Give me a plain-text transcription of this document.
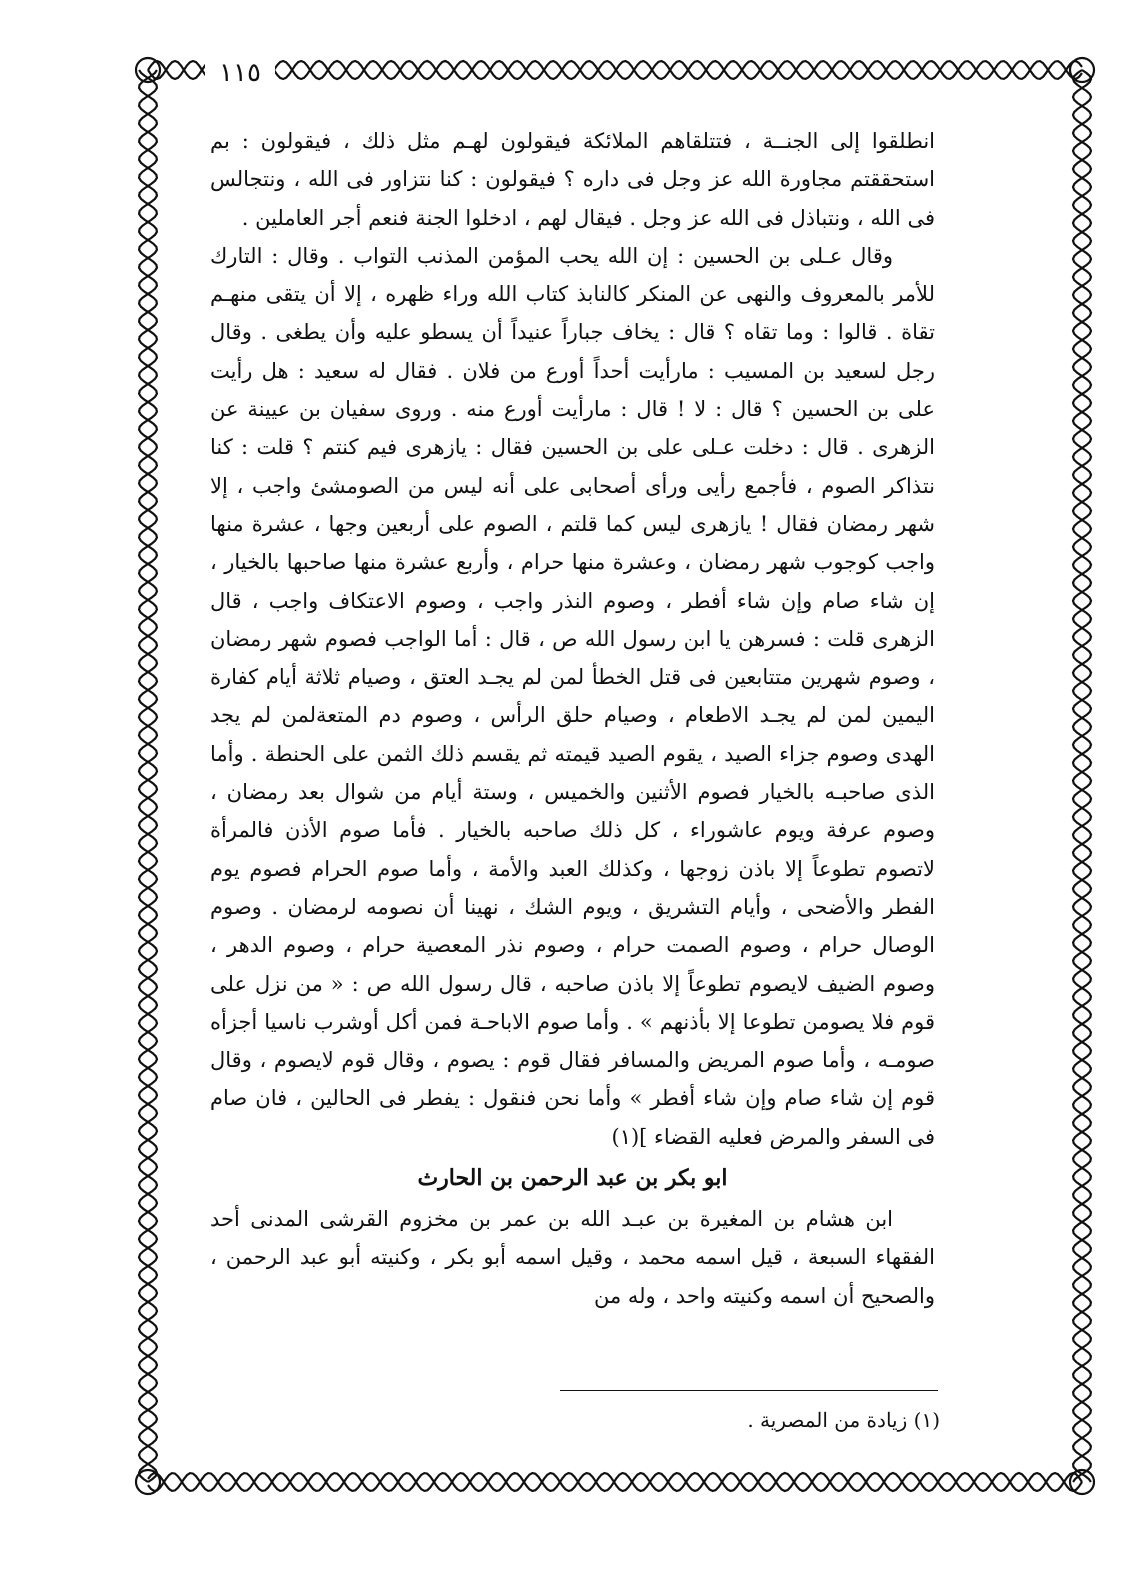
١١٥

انطلقوا إلى الجنــة ، فتتلقاهم الملائكة فيقولون لهـم مثل ذلك ، فيقولون : بم استحققتم مجاورة الله عز وجل فى داره ؟ فيقولون : كنا نتزاور فى الله ، ونتجالس فى الله ، ونتباذل فى الله عز وجل . فيقال لهم ، ادخلوا الجنة فنعم أجر العاملين .

وقال عـلى بن الحسين : إن الله يحب المؤمن المذنب التواب . وقال : التارك للأمر بالمعروف والنهى عن المنكر كالنابذ كتاب الله وراء ظهره ، إلا أن يتقى منهـم تقاة . قالوا : وما تقاه ؟ قال : يخاف جباراً عنيداً أن يسطو عليه وأن يطغى . وقال رجل لسعيد بن المسيب : مارأيت أحداً أورع من فلان . فقال له سعيد : هل رأيت على بن الحسين ؟ قال : لا ! قال : مارأيت أورع منه . وروى سفيان بن عيينة عن الزهرى . قال : دخلت عـلى على بن الحسين فقال : يازهرى فيم كنتم ؟ قلت : كنا نتذاكر الصوم ، فأجمع رأيى ورأى أصحابى على أنه ليس من الصومشئ واجب ، إلا شهر رمضان فقال ! يازهرى ليس كما قلتم ، الصوم على أربعين وجها ، عشرة منها واجب كوجوب شهر رمضان ، وعشرة منها حرام ، وأربع عشرة منها صاحبها بالخيار ، إن شاء صام وإن شاء أفطر ، وصوم النذر واجب ، وصوم الاعتكاف واجب ، قال الزهرى قلت : فسرهن يا ابن رسول الله ص ، قال : أما الواجب فصوم شهر رمضان ، وصوم شهرين متتابعين فى قتل الخطأ لمن لم يجـد العتق ، وصيام ثلاثة أيام كفارة اليمين لمن لم يجـد الاطعام ، وصيام حلق الرأس ، وصوم دم المتعةلمن لم يجد الهدى وصوم جزاء الصيد ، يقوم الصيد قيمته ثم يقسم ذلك الثمن على الحنطة . وأما الذى صاحبـه بالخيار فصوم الأثنين والخميس ، وستة أيام من شوال بعد رمضان ، وصوم عرفة ويوم عاشوراء ، كل ذلك صاحبه بالخيار . فأما صوم الأذن فالمرأة لاتصوم تطوعاً إلا باذن زوجها ، وكذلك العبد والأمة ، وأما صوم الحرام فصوم يوم الفطر والأضحى ، وأيام التشريق ، ويوم الشك ، نهينا أن نصومه لرمضان . وصوم الوصال حرام ، وصوم الصمت حرام ، وصوم نذر المعصية حرام ، وصوم الدهر ، وصوم الضيف لايصوم تطوعاً إلا باذن صاحبه ، قال رسول الله ص : « من نزل على قوم فلا يصومن تطوعا إلا بأذنهم » . وأما صوم الاباحـة فمن أكل أوشرب ناسيا أجزأه صومـه ، وأما صوم المريض والمسافر فقال قوم : يصوم ، وقال قوم لايصوم ، وقال قوم إن شاء صام وإن شاء أفطر » وأما نحن فنقول : يفطر فى الحالين ، فان صام فى السفر والمرض فعليه القضاء ](١)

ابو بكر بن عبد الرحمن بن الحارث

ابن هشام بن المغيرة بن عبـد الله بن عمر بن مخزوم القرشى المدنى أحد الفقهاء السبعة ، قيل اسمه محمد ، وقيل اسمه أبو بكر ، وكنيته أبو عبد الرحمن ، والصحيح أن اسمه وكنيته واحد ، وله من

(١) زيادة من المصرية .
